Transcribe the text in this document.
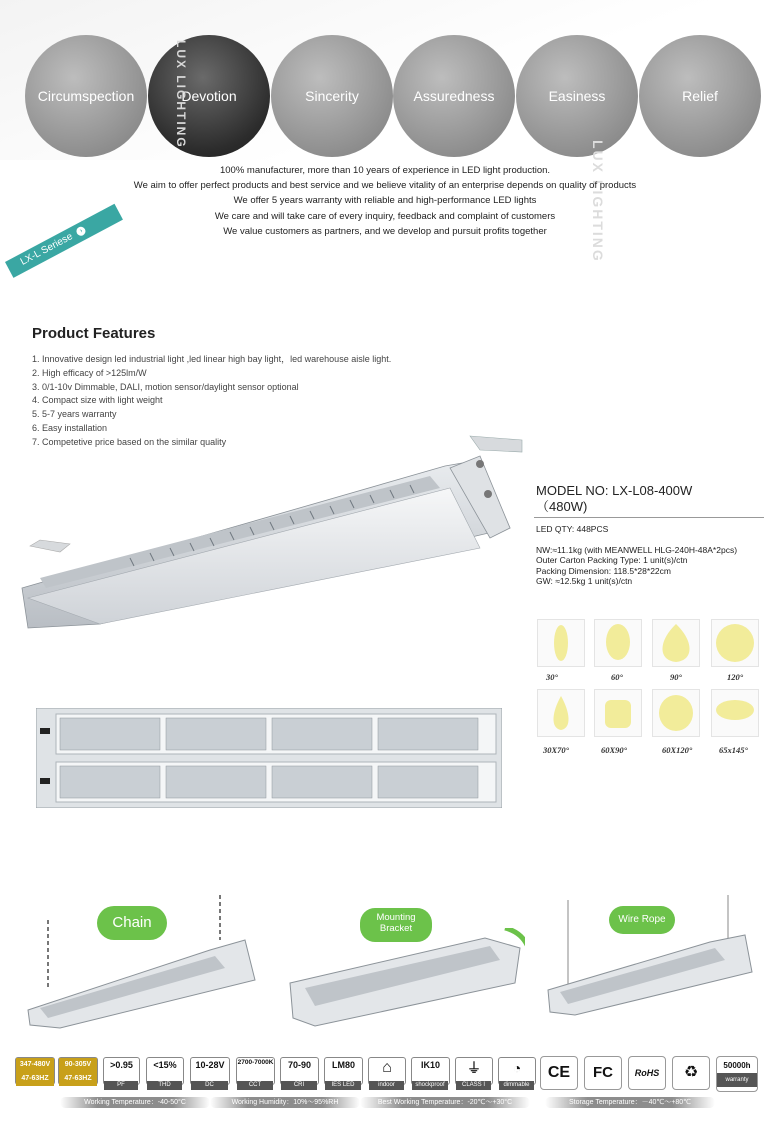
Circumspection	Devotion	Sincerity	Assuredness	Easiness	Relief
LUX LIGHTING
LUX LIGHTING
100% manufacturer, more than 10 years of experience in LED light production.
We aim to offer perfect products and best service and we believe vitality of an enterprise depends on quality of products
We offer 5 years warranty with reliable and high-performance LED lights
We care and will take care of every inquiry, feedback and complaint of customers
We value customers as partners, and we develop and pursuit profits together
LX-L Seriese›
Product Features
1. Innovative design led industrial light ,led linear high bay light，led warehouse aisle light.
2. High efficacy of >125lm/W
3. 0/1-10v Dimmable, DALI, motion sensor/daylight sensor optional
4. Compact size with light weight
5. 5-7 years warranty
6. Easy installation
7. Competetive price based on the similar quality
MODEL NO: LX-L08-400W
（480W)
LED QTY: 448PCS
NW:≈11.1kg (with MEANWELL HLG-240H-48A*2pcs)
Outer Carton Packing Type: 1 unit(s)/ctn
Packing Dimension: 118.5*28*22cm
GW: ≈12.5kg 1 unit(s)/ctn
30°	60°	90°	120°
30X70°	60X90°	60X120°	65x145°
Chain	Mounting
Bracket
Wire Rope
347-480V
47-63HZ
90-305V
47-63HZ
>0.95
PF
<15%
THD
10-28V
DC
2700-7000K
CCT
70-90
CRI
LM80
IES LED
⌂
indoor
IK10
shockproof
⏚
CLASS I
◔
dimmable
CE	FC	RoHS	♻	50000h
warranty
Working Temperature：-40-50°C	Working Humidity：10%～95%RH	Best Working Temperature：-20℃～+30°C	Storage Temperature：－40℃～+80℃
